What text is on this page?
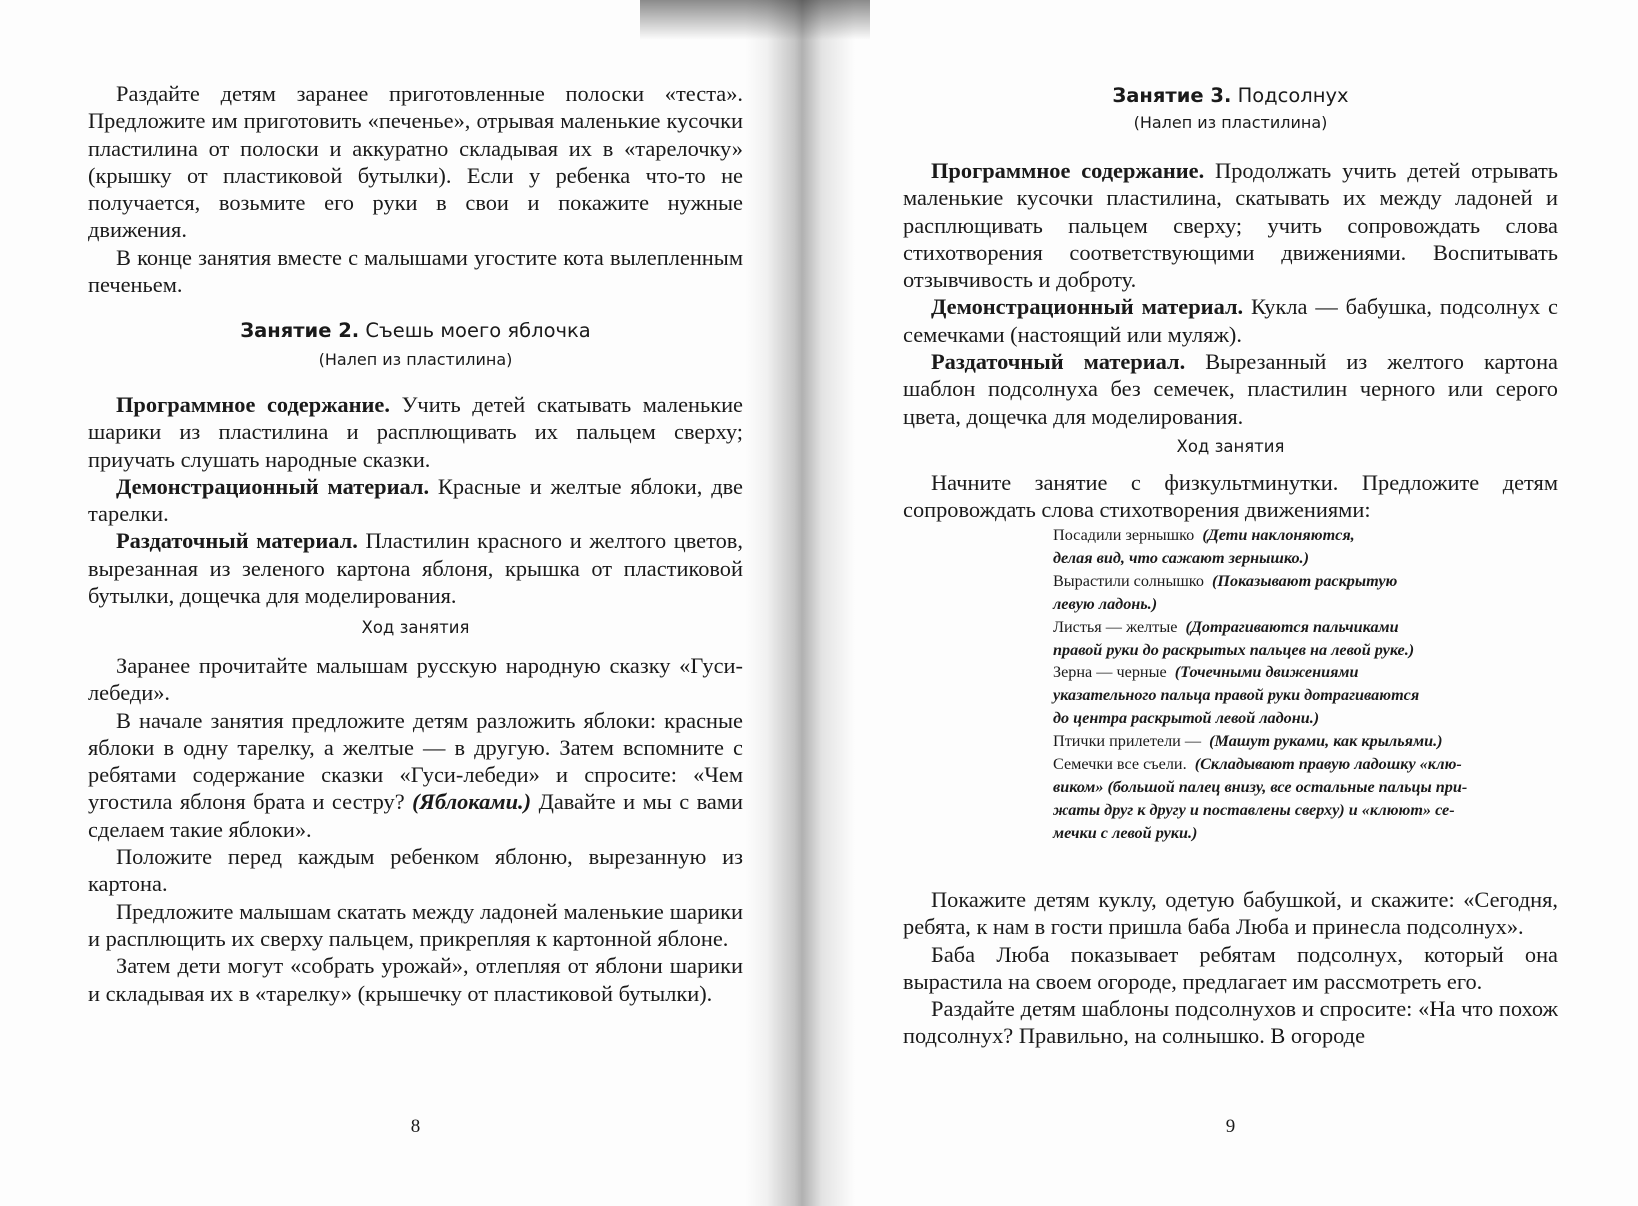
Раздайте детям заранее приготовленные полоски «теста». Предложите им приготовить «печенье», отрывая маленькие кусочки пластилина от полоски и аккуратно складывая их в «тарелочку» (крышку от пластиковой бутылки). Если у ребенка что-то не получается, возьмите его руки в свои и покажите нужные движения.

В конце занятия вместе с малышами угостите кота вылепленным печеньем.

Занятие 2. Съешь моего яблочка

(Налеп из пластилина)

Программное содержание. Учить детей скатывать маленькие шарики из пластилина и расплющивать их пальцем сверху; приучать слушать народные сказки.

Демонстрационный материал. Красные и желтые яблоки, две тарелки.

Раздаточный материал. Пластилин красного и желтого цветов, вырезанная из зеленого картона яблоня, крышка от пластиковой бутылки, дощечка для моделирования.

Ход занятия

Заранее прочитайте малышам русскую народную сказку «Гуси-лебеди».

В начале занятия предложите детям разложить яблоки: красные яблоки в одну тарелку, а желтые — в другую. Затем вспомните с ребятами содержание сказки «Гуси-лебеди» и спросите: «Чем угостила яблоня брата и сестру? (Яблоками.) Давайте и мы с вами сделаем такие яблоки».

Положите перед каждым ребенком яблоню, вырезанную из картона.

Предложите малышам скатать между ладоней маленькие шарики и расплющить их сверху пальцем, прикрепляя к картонной яблоне.

Затем дети могут «собрать урожай», отлепляя от яблони шарики и складывая их в «тарелку» (крышечку от пластиковой бутылки).

8

Занятие 3. Подсолнух

(Налеп из пластилина)

Программное содержание. Продолжать учить детей отрывать маленькие кусочки пластилина, скатывать их между ладоней и расплющивать пальцем сверху; учить сопровождать слова стихотворения соответствующими движениями. Воспитывать отзывчивость и доброту.

Демонстрационный материал. Кукла — бабушка, подсолнух с семечками (настоящий или муляж).

Раздаточный материал. Вырезанный из желтого картона шаблон подсолнуха без семечек, пластилин черного или серого цвета, дощечка для моделирования.

Ход занятия

Начните занятие с физкультминутки. Предложите детям сопровождать слова стихотворения движениями:

Посадили зернышко (Дети наклоняются,

делая вид, что сажают зернышко.)

Вырастили солнышко (Показывают раскрытую

левую ладонь.)

Листья — желтые (Дотрагиваются пальчиками

правой руки до раскрытых пальцев на левой руке.)

Зерна — черные (Точечными движениями

указательного пальца правой руки дотрагиваются

до центра раскрытой левой ладони.)

Птички прилетели — (Машут руками, как крыльями.)

Семечки все съели. (Складывают правую ладошку «клю-

виком» (большой палец внизу, все остальные пальцы при-

жаты друг к другу и поставлены сверху) и «клюют» се-

мечки с левой руки.)

Покажите детям куклу, одетую бабушкой, и скажите: «Сегодня, ребята, к нам в гости пришла баба Люба и принесла подсолнух».

Баба Люба показывает ребятам подсолнух, который она вырастила на своем огороде, предлагает им рассмотреть его.

Раздайте детям шаблоны подсолнухов и спросите: «На что похож подсолнух? Правильно, на солнышко. В огороде

9
